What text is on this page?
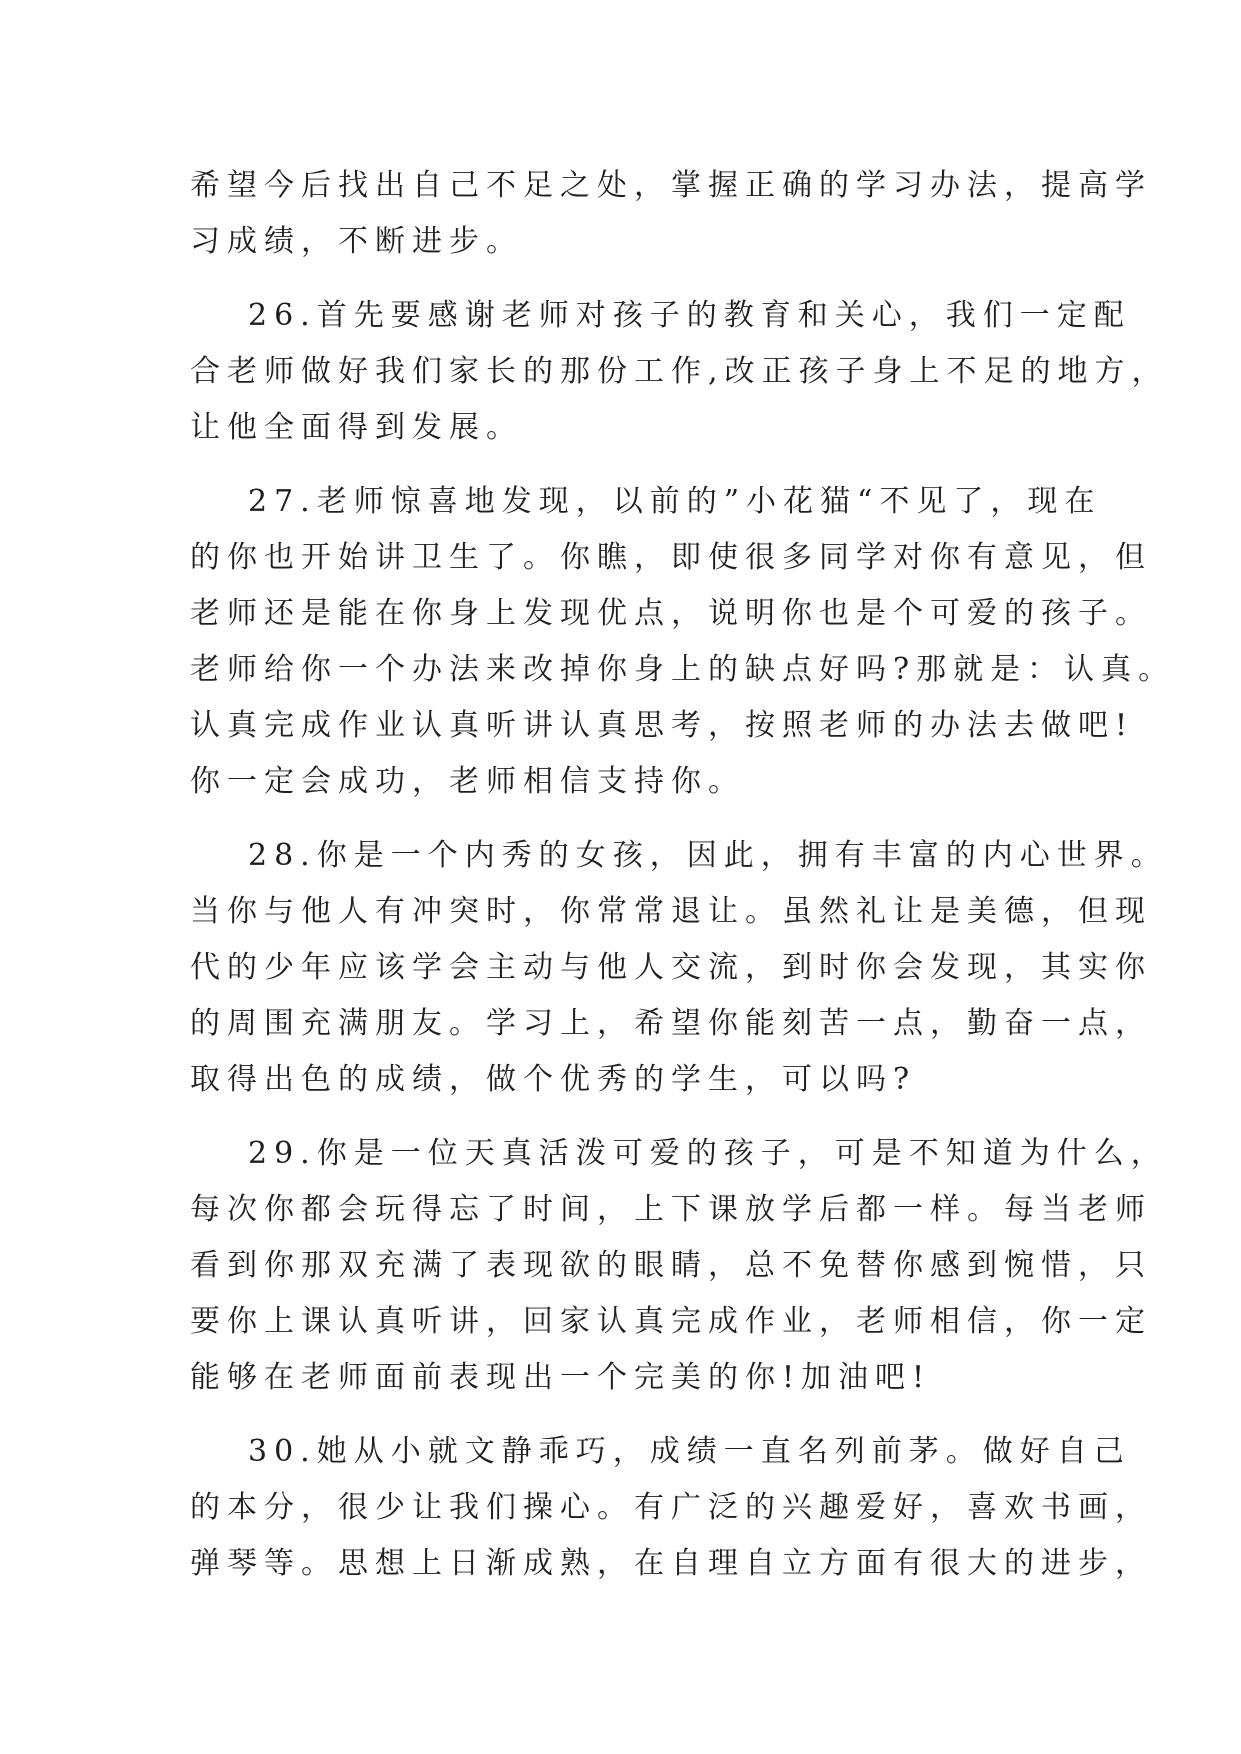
希望今后找出自己不足之处，掌握正确的学习办法，提高学
习成绩，不断进步。
26.首先要感谢老师对孩子的教育和关心，我们一定配
合老师做好我们家长的那份工作,改正孩子身上不足的地方，
让他全面得到发展。
27.老师惊喜地发现，以前的”小花猫“不见了，现在
的你也开始讲卫生了。你瞧，即使很多同学对你有意见，但
老师还是能在你身上发现优点，说明你也是个可爱的孩子。
老师给你一个办法来改掉你身上的缺点好吗?那就是：认真。
认真完成作业认真听讲认真思考，按照老师的办法去做吧!
你一定会成功，老师相信支持你。
28.你是一个内秀的女孩，因此，拥有丰富的内心世界。
当你与他人有冲突时，你常常退让。虽然礼让是美德，但现
代的少年应该学会主动与他人交流，到时你会发现，其实你
的周围充满朋友。学习上，希望你能刻苦一点，勤奋一点，
取得出色的成绩，做个优秀的学生，可以吗?
29.你是一位天真活泼可爱的孩子，可是不知道为什么，
每次你都会玩得忘了时间，上下课放学后都一样。每当老师
看到你那双充满了表现欲的眼睛，总不免替你感到惋惜，只
要你上课认真听讲，回家认真完成作业，老师相信，你一定
能够在老师面前表现出一个完美的你!加油吧!
30.她从小就文静乖巧，成绩一直名列前茅。做好自己
的本分，很少让我们操心。有广泛的兴趣爱好，喜欢书画，
弹琴等。思想上日渐成熟，在自理自立方面有很大的进步，
